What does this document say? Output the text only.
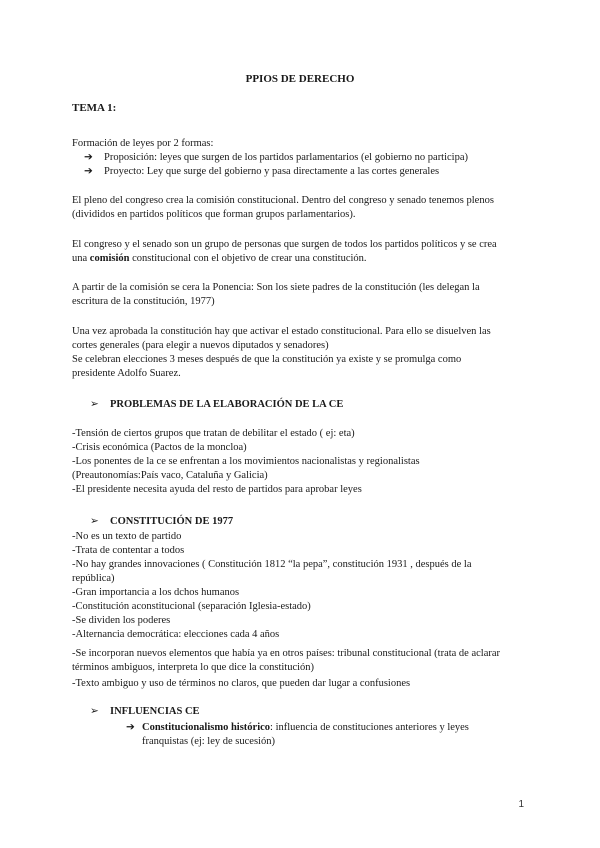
PPIOS DE DERECHO
TEMA 1:
Formación de leyes por 2 formas:
➔ Proposición: leyes que surgen de los partidos parlamentarios (el gobierno no participa)
➔ Proyecto: Ley que surge del gobierno y pasa directamente a las cortes generales
El pleno del congreso crea la comisión constitucional. Dentro del congreso y senado tenemos plenos
(divididos en partidos políticos que forman grupos parlamentarios).
El congreso y el senado son un grupo de personas que surgen de todos los partidos políticos y se crea
una comisión constitucional con el objetivo de crear una constitución.
A partir de la comisión se cera la Ponencia: Son los siete padres de la constitución (les delegan la
escritura de la constitución, 1977)
Una vez aprobada la constitución hay que activar el estado constitucional. Para ello se disuelven las
cortes generales (para elegir a nuevos diputados y senadores)
Se celebran elecciones 3 meses después de que la constitución ya existe y se promulga como
presidente Adolfo Suarez.
➢ PROBLEMAS DE LA ELABORACIÓN DE LA CE
-Tensión de ciertos grupos que tratan de debilitar el estado ( ej: eta)
-Crisis económica (Pactos de la moncloa)
-Los ponentes de la ce se enfrentan a los movimientos nacionalistas y regionalistas
(Preautonomías:País vaco, Cataluña y Galicia)
-El presidente necesita ayuda del resto de partidos para aprobar leyes
➢ CONSTITUCIÓN DE 1977
-No es un texto de partido
-Trata de contentar a todos
-No hay grandes innovaciones ( Constitución 1812 “la pepa”, constitución 1931 , después de la
república)
-Gran importancia a los dchos humanos
-Constitución aconstitucional (separación Iglesia-estado)
-Se dividen los poderes
-Alternancia democrática: elecciones cada 4 años
-Se incorporan nuevos elementos que había ya en otros países: tribunal constitucional (trata de aclarar
términos ambiguos, interpreta lo que dice la constitución)
-Texto ambiguo y uso de términos no claros, que pueden dar lugar a confusiones
➢ INFLUENCIAS CE
➔ Constitucionalismo histórico: influencia de constituciones anteriores y leyes
franquistas (ej: ley de sucesión)
1
